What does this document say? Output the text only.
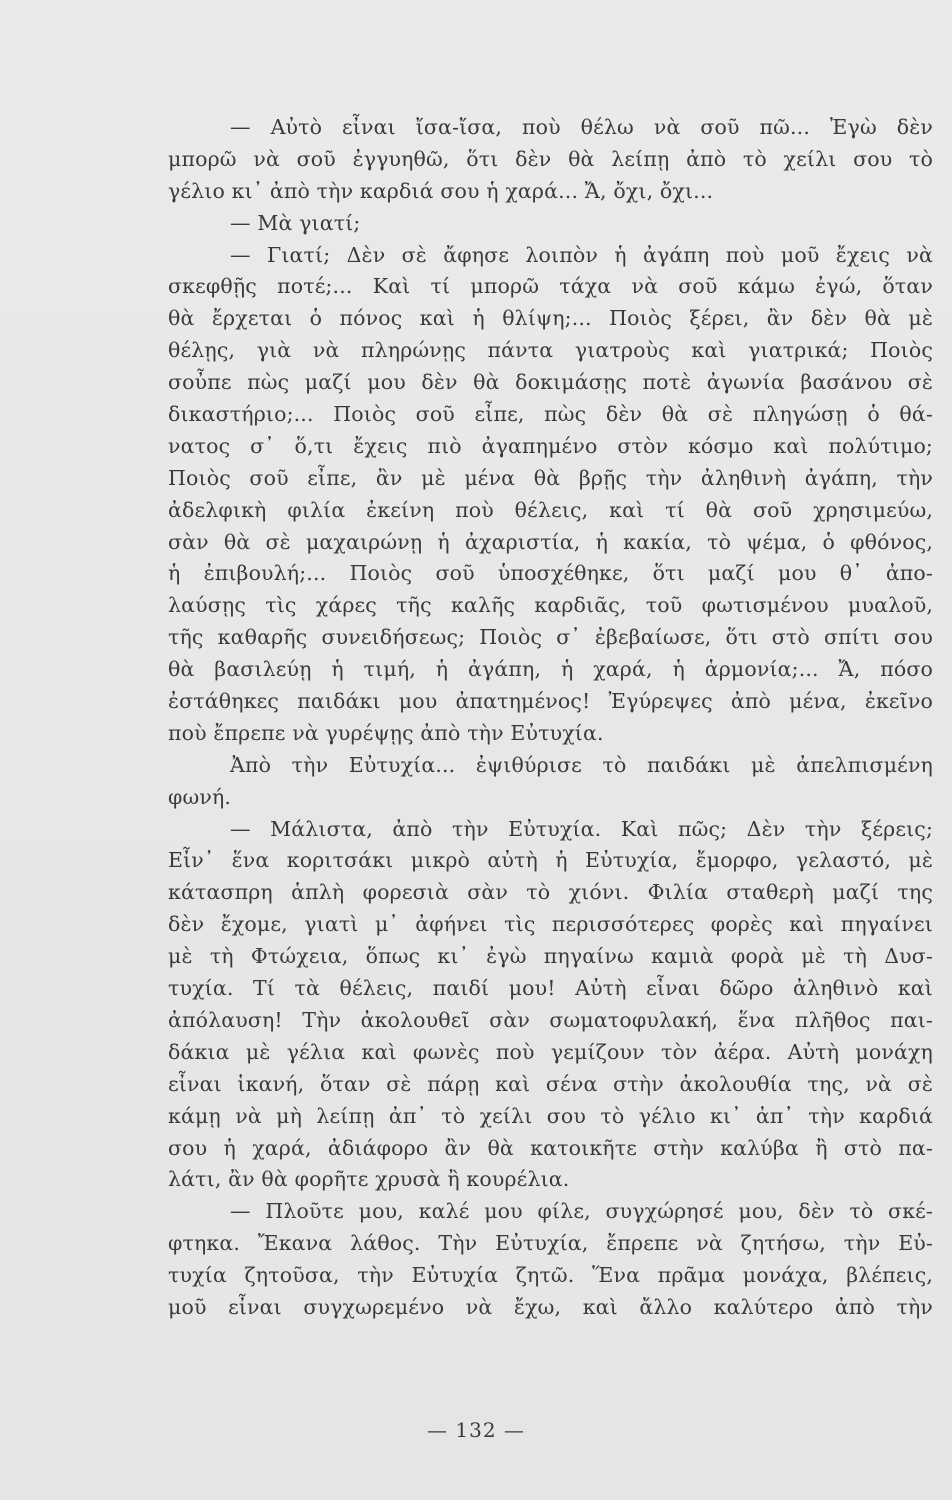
— Αὐτὸ εἶναι ἴσα-ἴσα, ποὺ θέλω νὰ σοῦ πῶ... Ἐγὼ δὲν
μπορῶ νὰ σοῦ ἐγγυηθῶ, ὅτι δὲν θὰ λείπῃ ἀπὸ τὸ χείλι σου τὸ
γέλιο κι᾿ ἀπὸ τὴν καρδιά σου ἡ χαρά... Ἄ, ὄχι, ὄχι...
— Μὰ γιατί;
— Γιατί; Δὲν σὲ ἄφησε λοιπὸν ἡ ἀγάπη ποὺ μοῦ ἔχεις νὰ
σκεφθῇς ποτέ;... Καὶ τί μπορῶ τάχα νὰ σοῦ κάμω ἐγώ, ὅταν
θὰ ἔρχεται ὁ πόνος καὶ ἡ θλίψη;... Ποιὸς ξέρει, ἂν δὲν θὰ μὲ
θέλῃς, γιὰ νὰ πληρώνῃς πάντα γιατροὺς καὶ γιατρικά; Ποιὸς
σοὖπε πὼς μαζί μου δὲν θὰ δοκιμάσῃς ποτὲ ἀγωνία βασάνου σὲ
δικαστήριο;... Ποιὸς σοῦ εἶπε, πὼς δὲν θὰ σὲ πληγώσῃ ὁ θά-
νατος σ᾿ ὅ,τι ἔχεις πιὸ ἀγαπημένο στὸν κόσμο καὶ πολύτιμο;
Ποιὸς σοῦ εἶπε, ἂν μὲ μένα θὰ βρῇς τὴν ἀληθινὴ ἀγάπη, τὴν
ἀδελφικὴ φιλία ἐκείνη ποὺ θέλεις, καὶ τί θὰ σοῦ χρησιμεύω,
σὰν θὰ σὲ μαχαιρώνῃ ἡ ἀχαριστία, ἡ κακία, τὸ ψέμα, ὁ φθόνος,
ἡ ἐπιβουλή;... Ποιὸς σοῦ ὑποσχέθηκε, ὅτι μαζί μου θ᾿ ἀπο-
λαύσῃς τὶς χάρες τῆς καλῆς καρδιᾶς, τοῦ φωτισμένου μυαλοῦ,
τῆς καθαρῆς συνειδήσεως; Ποιὸς σ᾿ ἐβεβαίωσε, ὅτι στὸ σπίτι σου
θὰ βασιλεύῃ ἡ τιμή, ἡ ἀγάπη, ἡ χαρά, ἡ ἁρμονία;... Ἄ, πόσο
ἐστάθηκες παιδάκι μου ἀπατημένος! Ἐγύρεψες ἀπὸ μένα, ἐκεῖνο
ποὺ ἔπρεπε νὰ γυρέψῃς ἀπὸ τὴν Εὐτυχία.
Ἀπὸ τὴν Εὐτυχία... ἐψιθύρισε τὸ παιδάκι μὲ ἀπελπισμένη
φωνή.
— Μάλιστα, ἀπὸ τὴν Εὐτυχία. Καὶ πῶς; Δὲν τὴν ξέρεις;
Εἶν᾿ ἕνα κοριτσάκι μικρὸ αὐτὴ ἡ Εὐτυχία, ἔμορφο, γελαστό, μὲ
κάτασπρη ἁπλὴ φορεσιὰ σὰν τὸ χιόνι. Φιλία σταθερὴ μαζί της
δὲν ἔχομε, γιατὶ μ᾿ ἀφήνει τὶς περισσότερες φορὲς καὶ πηγαίνει
μὲ τὴ Φτώχεια, ὅπως κι᾿ ἐγὼ πηγαίνω καμιὰ φορὰ μὲ τὴ Δυσ-
τυχία. Τί τὰ θέλεις, παιδί μου! Αὐτὴ εἶναι δῶρο ἀληθινὸ καὶ
ἀπόλαυση! Τὴν ἀκολουθεῖ σὰν σωματοφυλακή, ἕνα πλῆθος παι-
δάκια μὲ γέλια καὶ φωνὲς ποὺ γεμίζουν τὸν ἀέρα. Αὐτὴ μονάχη
εἶναι ἱκανή, ὅταν σὲ πάρῃ καὶ σένα στὴν ἀκολουθία της, νὰ σὲ
κάμῃ νὰ μὴ λείπῃ ἀπ᾿ τὸ χείλι σου τὸ γέλιο κι᾿ ἀπ᾿ τὴν καρδιά
σου ἡ χαρά, ἀδιάφορο ἂν θὰ κατοικῆτε στὴν καλύβα ἢ στὸ πα-
λάτι, ἂν θὰ φορῆτε χρυσὰ ἢ κουρέλια.
— Πλοῦτε μου, καλέ μου φίλε, συγχώρησέ μου, δὲν τὸ σκέ-
φτηκα. Ἔκανα λάθος. Τὴν Εὐτυχία, ἔπρεπε νὰ ζητήσω, τὴν Εὐ-
τυχία ζητοῦσα, τὴν Εὐτυχία ζητῶ. Ἕνα πρᾶμα μονάχα, βλέπεις,
μοῦ εἶναι συγχωρεμένο νὰ ἔχω, καὶ ἄλλο καλύτερο ἀπὸ τὴν
— 132 —
